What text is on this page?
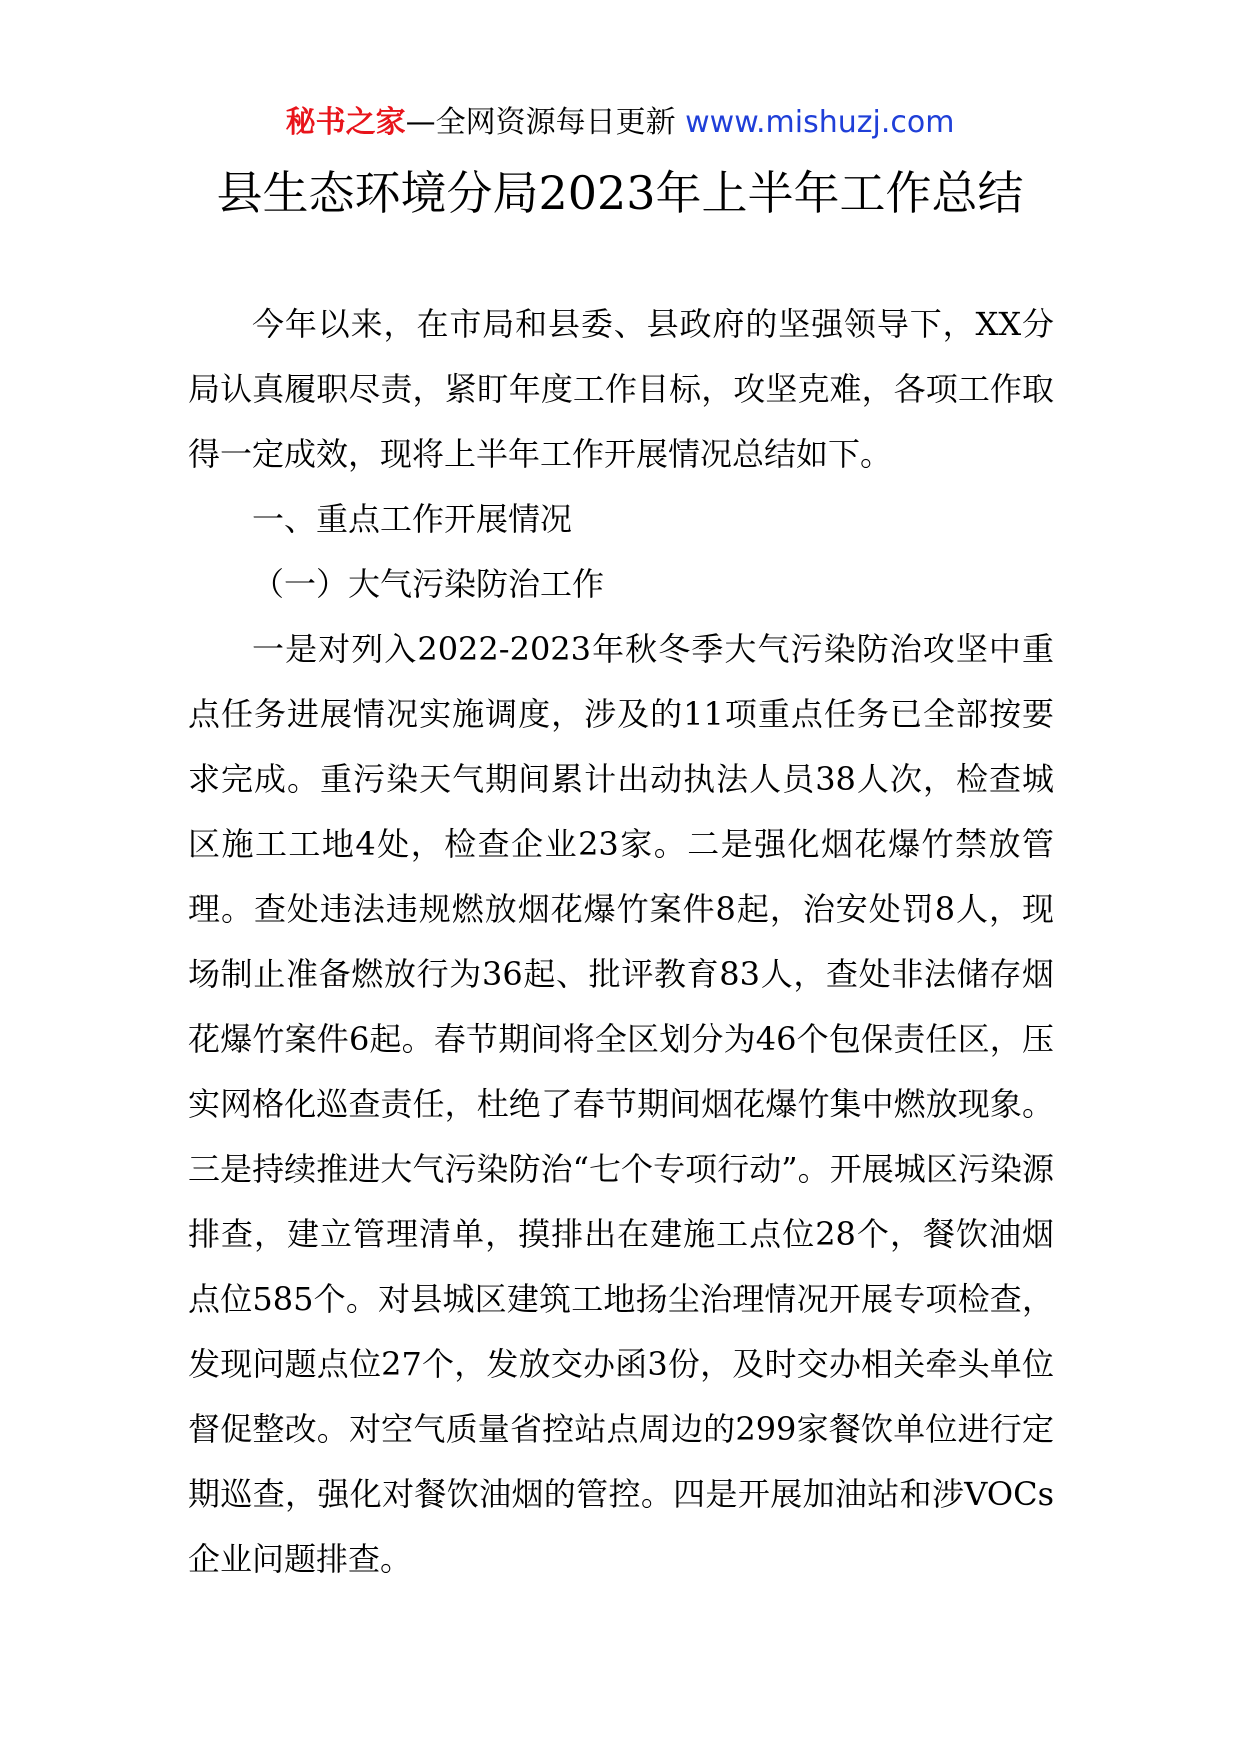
秘书之家—全网资源每日更新 www.mishuzj.com
县生态环境分局2023年上半年工作总结

今年以来，在市局和县委、县政府的坚强领导下，XX分局认真履职尽责，紧盯年度工作目标，攻坚克难，各项工作取得一定成效，现将上半年工作开展情况总结如下。

一、重点工作开展情况

（一）大气污染防治工作

一是对列入2022-2023年秋冬季大气污染防治攻坚中重点任务进展情况实施调度，涉及的11项重点任务已全部按要求完成。重污染天气期间累计出动执法人员38人次，检查城区施工工地4处，检查企业23家。二是强化烟花爆竹禁放管理。查处违法违规燃放烟花爆竹案件8起，治安处罚8人，现场制止准备燃放行为36起、批评教育83人，查处非法储存烟花爆竹案件6起。春节期间将全区划分为46个包保责任区，压实网格化巡查责任，杜绝了春节期间烟花爆竹集中燃放现象。三是持续推进大气污染防治“七个专项行动”。开展城区污染源排查，建立管理清单，摸排出在建施工点位28个，餐饮油烟点位585个。对县城区建筑工地扬尘治理情况开展专项检查，发现问题点位27个，发放交办函3份，及时交办相关牵头单位督促整改。对空气质量省控站点周边的299家餐饮单位进行定期巡查，强化对餐饮油烟的管控。四是开展加油站和涉VOCs企业问题排查。
